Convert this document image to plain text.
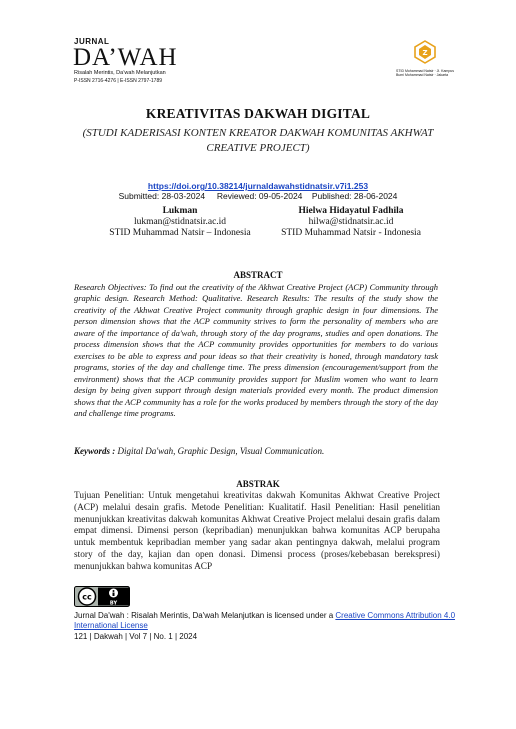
JURNAL
DA’WAH
Risalah Merintis, Da’wah Melanjutkan
P-ISSN 2716-4276 | E-ISSN 2797-1789
Z
STID Mohammad Natsir · Jl. Kampus Bumi Mohammad Natsir · Jakarta
KREATIVITAS DAKWAH DIGITAL
(STUDI KADERISASI KONTEN KREATOR DAKWAH KOMUNITAS AKHWAT CREATIVE PROJECT)
https://doi.org/10.38214/jurnaldawahstidnatsir.v7i1.253
Submitted: 28-03-2024     Reviewed: 09-05-2024    Published: 28-06-2024
Lukman
lukman@stidnatsir.ac.id
STID Muhammad Natsir – Indonesia
Hielwa Hidayatul Fadhila
hilwa@stidnatsir.ac.id
STID Muhammad Natsir - Indonesia
ABSTRACT
Research Objectives: To find out the creativity of the Akhwat Creative Project (ACP) Community through graphic design. Research Method: Qualitative. Research Results: The results of the study show the creativity of the Akhwat Creative Project community through graphic design in four dimensions. The person dimension shows that the ACP community strives to form the personality of members who are aware of the importance of da'wah, through story of the day programs, studies and open donations. The process dimension shows that the ACP community provides opportunities for members to do various exercises to be able to express and pour ideas so that their creativity is honed, through mandatory task programs, stories of the day and challenge time. The press dimension (encouragement/support from the environment) shows that the ACP community provides support for Muslim women who want to learn design by being given support through design materials provided every month. The product dimension shows that the ACP community has a role for the works produced by members through the story of the day and challenge time programs.
Keywords : Digital Da'wah, Graphic Design, Visual Communication.
ABSTRAK
Tujuan Penelitian: Untuk mengetahui kreativitas dakwah Komunitas Akhwat Creative Project (ACP) melalui desain grafis. Metode Penelitian: Kualitatif. Hasil Penelitian: Hasil penelitian menunjukkan kreativitas dakwah komunitas Akhwat Creative Project melalui desain grafis dalam empat dimensi. Dimensi person (kepribadian) menunjukkan bahwa komunitas ACP berupaha untuk membentuk kepribadian member yang sadar akan pentingnya dakwah, melalui program story of the day, kajian dan open donasi. Dimensi process (proses/kebebasan berekspresi) menunjukkan bahwa komunitas ACP
cc
BY
Jurnal Da'wah : Risalah Merintis, Da'wah Melanjutkan is licensed under a Creative Commons Attribution 4.0 International License
121 | Dakwah | Vol 7 | No. 1 | 2024
